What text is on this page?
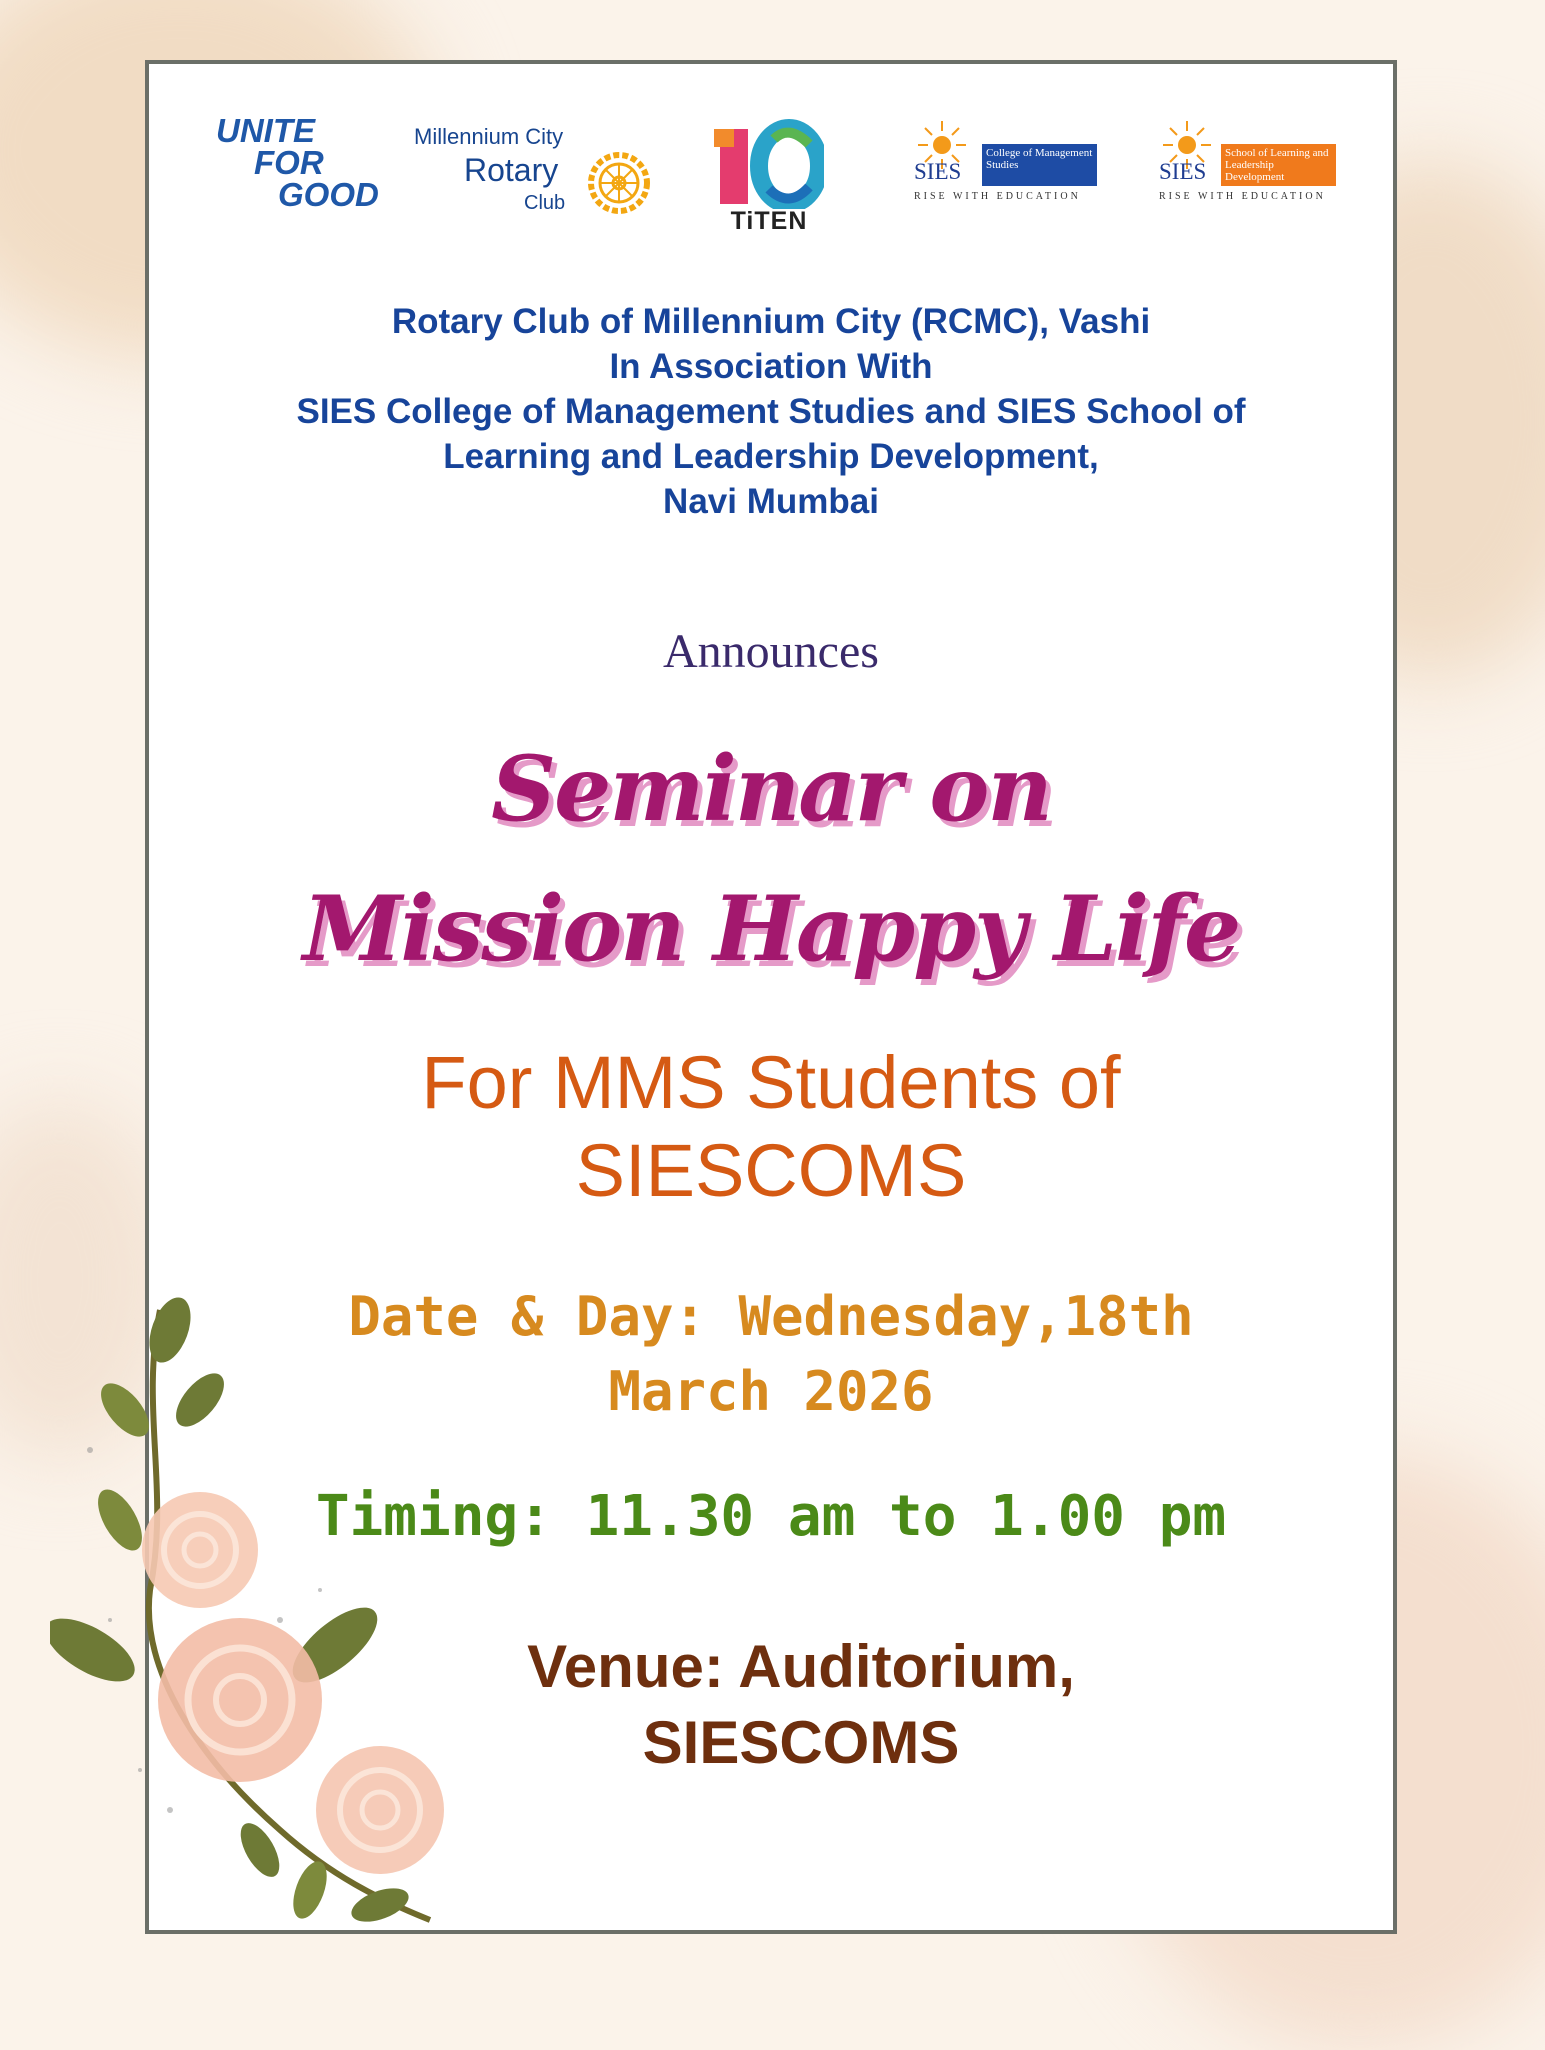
UNITE
FOR
GOOD
Millennium City
Rotary
Club
TiTEN
SIES
College of Management Studies
RISE WITH EDUCATION
SIES
School of Learning and Leadership Development
RISE WITH EDUCATION
Rotary Club of Millennium City (RCMC), Vashi
In Association With
SIES College of Management Studies and SIES School of
Learning and Leadership Development,
Navi Mumbai
Announces
Seminar on
Mission Happy Life
For MMS Students of
SIESCOMS
Date & Day: Wednesday,18th
March 2026
Timing: 11.30 am to 1.00 pm
Venue: Auditorium,
SIESCOMS
